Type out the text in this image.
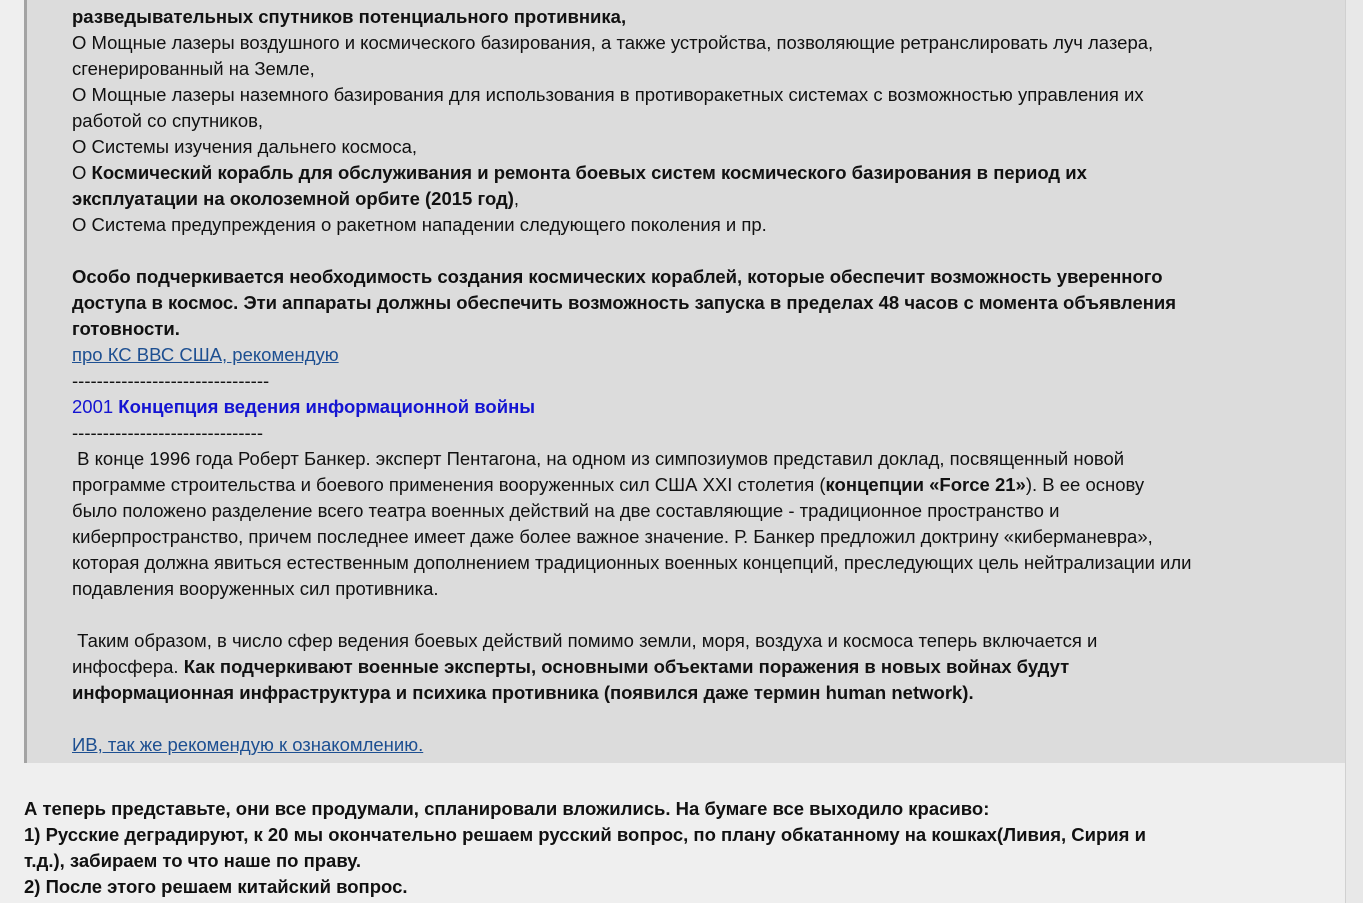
разведывательных спутников потенциального противника,
О Мощные лазеры воздушного и космического базирования, а также устройства, позволяющие ретранслировать луч лазера,
сгенерированный на Земле,
О Мощные лазеры наземного базирования для использования в противоракетных системах с возможностью управления их
работой со спутников,
О Системы изучения дальнего космоса,
О Космический корабль для обслуживания и ремонта боевых систем космического базирования в период их
эксплуатации на околоземной орбите (2015 год),
О Система предупреждения о ракетном нападении следующего поколения и пр.
Особо подчеркивается необходимость создания космических кораблей, которые обеспечит возможность уверенного
доступа в космос. Эти аппараты должны обеспечить возможность запуска в пределах 48 часов с момента объявления
готовности.
про КС ВВС США, рекомендую
--------------------------------
2001 Концепция ведения информационной войны
-------------------------------
В конце 1996 года Роберт Банкер. эксперт Пентагона, на одном из симпозиумов представил доклад, посвященный новой
программе строительства и боевого применения вооруженных сил США XXI столетия (концепции «Force 21»). В ее основу
было положено разделение всего театра военных действий на две составляющие - традиционное пространство и
киберпространство, причем последнее имеет даже более важное значение. Р. Банкер предложил доктрину «киберманевра»,
которая должна явиться естественным дополнением традиционных военных концепций, преследующих цель нейтрализации или
подавления вооруженных сил противника.
Таким образом, в число сфер ведения боевых действий помимо земли, моря, воздуха и космоса теперь включается и
инфосфера. Как подчеркивают военные эксперты, основными объектами поражения в новых войнах будут
информационная инфраструктура и психика противника (появился даже термин human network).
ИВ, так же рекомендую к ознакомлению.
А теперь представьте, они все продумали, спланировали вложились. На бумаге все выходило красиво:
1) Русские деградируют, к 20 мы окончательно решаем русский вопрос, по плану обкатанному на кошках(Ливия, Сирия и
т.д.), забираем то что наше по праву.
2) После этого решаем китайский вопрос.
